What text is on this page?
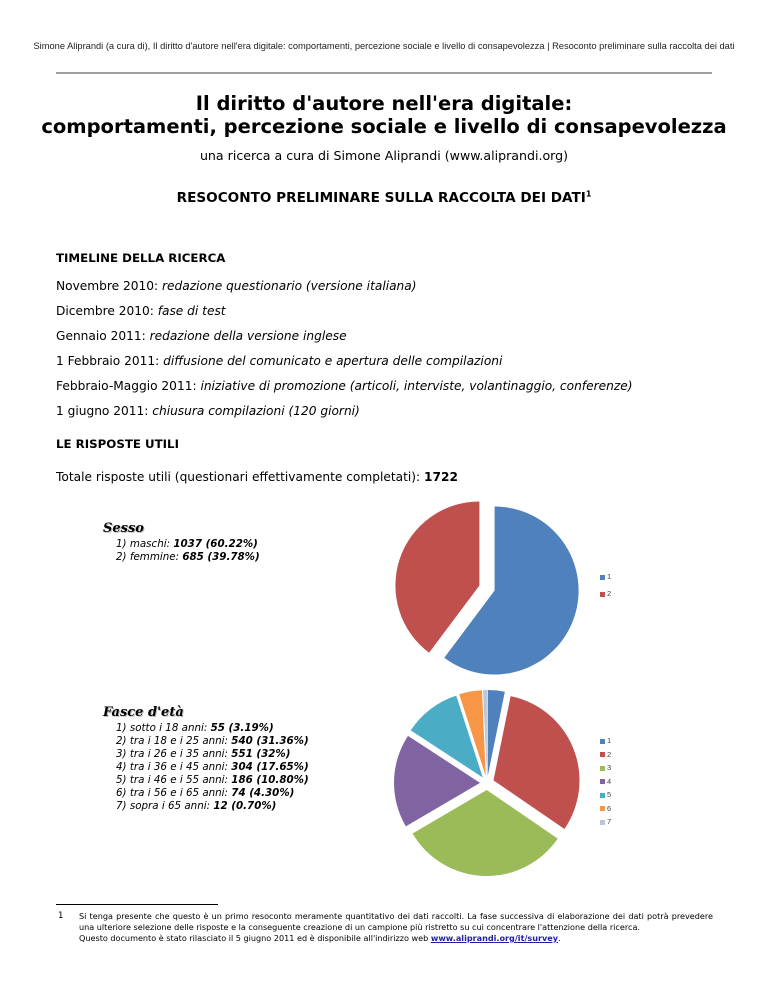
Simone Aliprandi (a cura di), Il diritto d'autore nell'era digitale: comportamenti, percezione sociale e livello di consapevolezza | Resoconto preliminare sulla raccolta dei dati
Il diritto d'autore nell'era digitale:
comportamenti, percezione sociale e livello di consapevolezza
una ricerca a cura di Simone Aliprandi (www.aliprandi.org)
RESOCONTO PRELIMINARE SULLA RACCOLTA DEI DATI$^1$
TIMELINE DELLA RICERCA
Novembre 2010: redazione questionario (versione italiana)
Dicembre 2010: fase di test
Gennaio 2011: redazione della versione inglese
1 Febbraio 2011: diffusione del comunicato e apertura delle compilazioni
Febbraio-Maggio 2011: iniziative di promozione (articoli, interviste, volantinaggio, conferenze)
1 giugno 2011: chiusura compilazioni (120 giorni)
LE RISPOSTE UTILI
Totale risposte utili (questionari effettivamente completati): 1722
Sesso
1) maschi: 1037 (60.22%)
2) femmine: 685 (39.78%)
1
2
Fasce d'età
1) sotto i 18 anni: 55 (3.19%)
2) tra i 18 e i 25 anni: 540 (31.36%)
3) tra i 26 e i 35 anni: 551 (32%)
4) tra i 36 e i 45 anni: 304 (17.65%)
5) tra i 46 e i 55 anni: 186 (10.80%)
6) tra i 56 e i 65 anni: 74 (4.30%)
7) sopra i 65 anni: 12 (0.70%)
1
2
3
4
5
6
7
1 Si tenga presente che questo è un primo resoconto meramente quantitativo dei dati raccolti. La fase successiva di elaborazione dei dati potrà prevedere una ulteriore selezione delle risposte e la conseguente creazione di un campione più ristretto su cui concentrare l'attenzione della ricerca.
Questo documento è stato rilasciato il 5 giugno 2011 ed è disponibile all'indirizzo web www.aliprandi.org/it/survey.
